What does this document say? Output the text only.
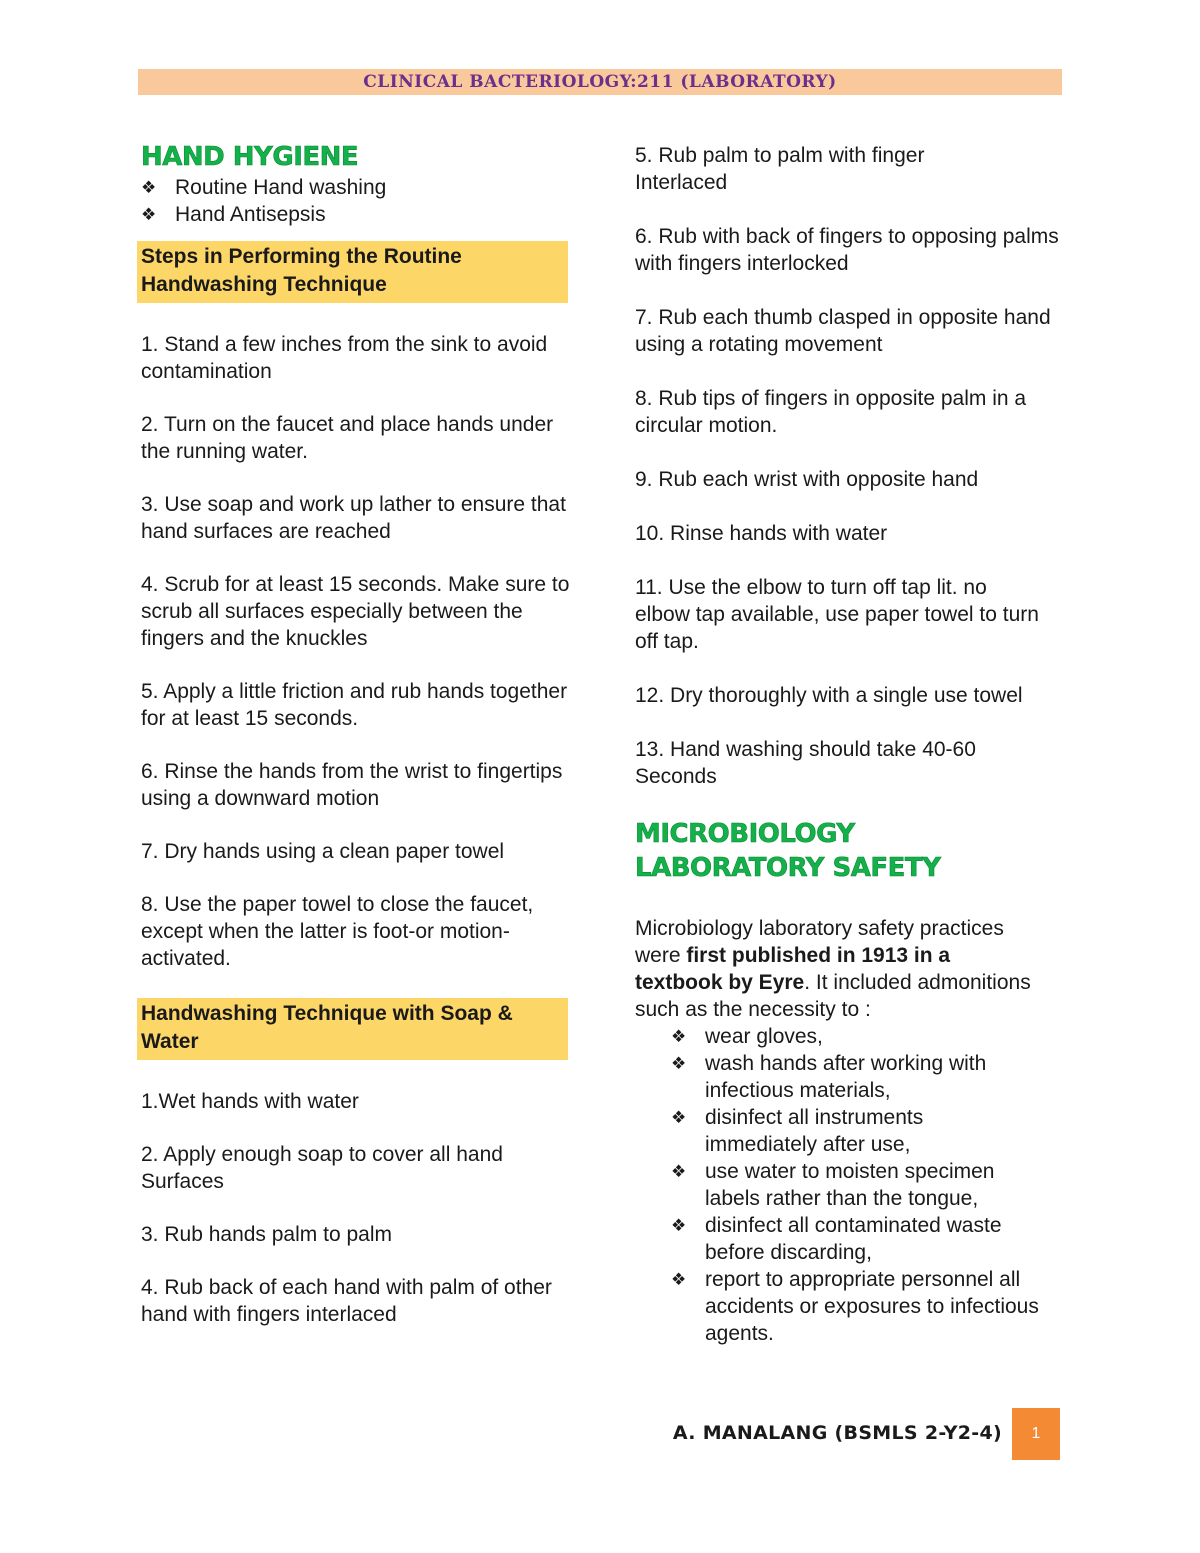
CLINICAL BACTERIOLOGY:211 (LABORATORY)
HAND HYGIENE
❖ Routine Hand washing
❖ Hand Antisepsis
Steps in Performing the Routine Handwashing Technique
1. Stand a few inches from the sink to avoid contamination
2. Turn on the faucet and place hands under the running water.
3. Use soap and work up lather to ensure that hand surfaces are reached
4. Scrub for at least 15 seconds. Make sure to scrub all surfaces especially between the fingers and the knuckles
5. Apply a little friction and rub hands together for at least 15 seconds.
6. Rinse the hands from the wrist to fingertips using a downward motion
7. Dry hands using a clean paper towel
8. Use the paper towel to close the faucet, except when the latter is foot-or motion-activated.
Handwashing Technique with Soap & Water
1.Wet hands with water
2. Apply enough soap to cover all hand Surfaces
3. Rub hands palm to palm
4. Rub back of each hand with palm of other hand with fingers interlaced
5. Rub palm to palm with finger Interlaced
6. Rub with back of fingers to opposing palms with fingers interlocked
7. Rub each thumb clasped in opposite hand using a rotating movement
8. Rub tips of fingers in opposite palm in a circular motion.
9. Rub each wrist with opposite hand
10. Rinse hands with water
11. Use the elbow to turn off tap lit. no elbow tap available, use paper towel to turn off tap.
12. Dry thoroughly with a single use towel
13. Hand washing should take 40-60 Seconds
MICROBIOLOGY
LABORATORY SAFETY
Microbiology laboratory safety practices were first published in 1913 in a textbook by Eyre. It included admonitions such as the necessity to :
❖ wear gloves,
❖ wash hands after working with infectious materials,
❖ disinfect all instruments immediately after use,
❖ use water to moisten specimen labels rather than the tongue,
❖ disinfect all contaminated waste before discarding,
❖ report to appropriate personnel all accidents or exposures to infectious agents.
A. MANALANG (BSMLS 2-Y2-4)	1
